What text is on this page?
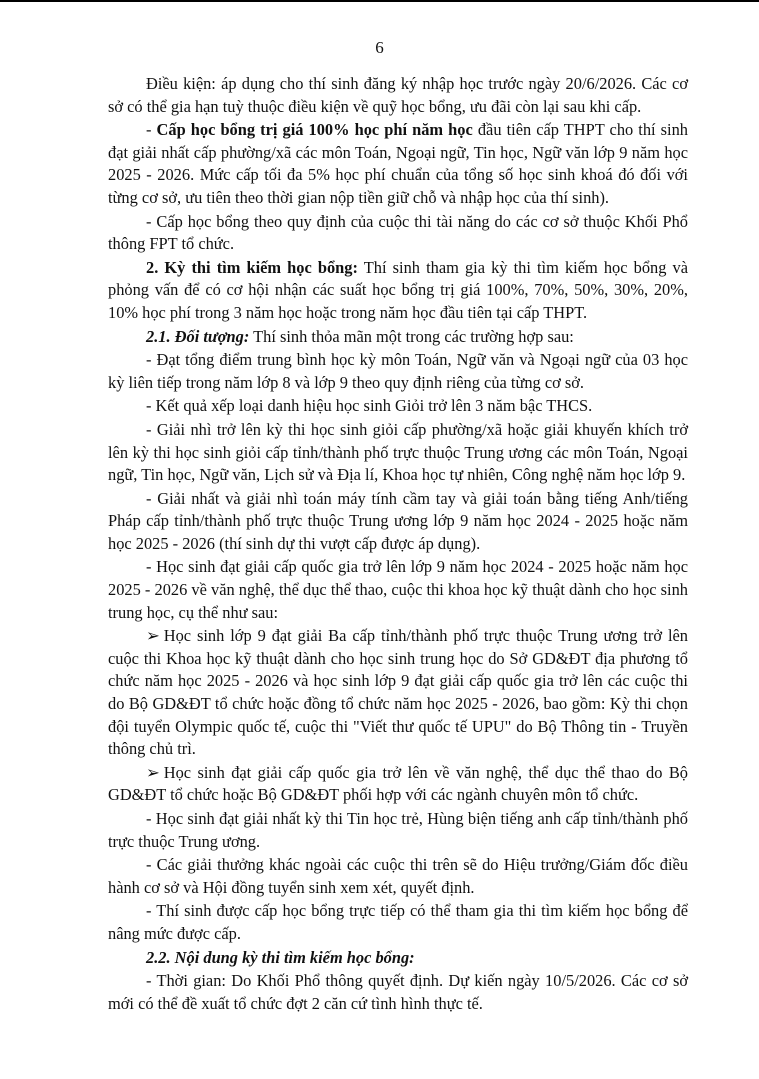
6

Điều kiện: áp dụng cho thí sinh đăng ký nhập học trước ngày 20/6/2026. Các cơ sở có thể gia hạn tuỳ thuộc điều kiện về quỹ học bổng, ưu đãi còn lại sau khi cấp.

- Cấp học bổng trị giá 100% học phí năm học đầu tiên cấp THPT cho thí sinh đạt giải nhất cấp phường/xã các môn Toán, Ngoại ngữ, Tin học, Ngữ văn lớp 9 năm học 2025 - 2026. Mức cấp tối đa 5% học phí chuẩn của tổng số học sinh khoá đó đối với từng cơ sở, ưu tiên theo thời gian nộp tiền giữ chỗ và nhập học của thí sinh).

- Cấp học bổng theo quy định của cuộc thi tài năng do các cơ sở thuộc Khối Phổ thông FPT tổ chức.

2. Kỳ thi tìm kiếm học bổng: Thí sinh tham gia kỳ thi tìm kiếm học bổng và phỏng vấn để có cơ hội nhận các suất học bổng trị giá 100%, 70%, 50%, 30%, 20%, 10% học phí trong 3 năm học hoặc trong năm học đầu tiên tại cấp THPT.

2.1. Đối tượng: Thí sinh thỏa mãn một trong các trường hợp sau:

- Đạt tổng điểm trung bình học kỳ môn Toán, Ngữ văn và Ngoại ngữ của 03 học kỳ liên tiếp trong năm lớp 8 và lớp 9 theo quy định riêng của từng cơ sở.

- Kết quả xếp loại danh hiệu học sinh Giỏi trở lên 3 năm bậc THCS.

- Giải nhì trở lên kỳ thi học sinh giỏi cấp phường/xã hoặc giải khuyến khích trở lên kỳ thi học sinh giỏi cấp tỉnh/thành phố trực thuộc Trung ương các môn Toán, Ngoại ngữ, Tin học, Ngữ văn, Lịch sử và Địa lí, Khoa học tự nhiên, Công nghệ năm học lớp 9.

- Giải nhất và giải nhì toán máy tính cầm tay và giải toán bằng tiếng Anh/tiếng Pháp cấp tỉnh/thành phố trực thuộc Trung ương lớp 9 năm học 2024 - 2025 hoặc năm học 2025 - 2026 (thí sinh dự thi vượt cấp được áp dụng).

- Học sinh đạt giải cấp quốc gia trở lên lớp 9 năm học 2024 - 2025 hoặc năm học 2025 - 2026 về văn nghệ, thể dục thể thao, cuộc thi khoa học kỹ thuật dành cho học sinh trung học, cụ thể như sau:

➢ Học sinh lớp 9 đạt giải Ba cấp tỉnh/thành phố trực thuộc Trung ương trở lên cuộc thi Khoa học kỹ thuật dành cho học sinh trung học do Sở GD&ĐT địa phương tổ chức năm học 2025 - 2026 và học sinh lớp 9 đạt giải cấp quốc gia trở lên các cuộc thi do Bộ GD&ĐT tổ chức hoặc đồng tổ chức năm học 2025 - 2026, bao gồm: Kỳ thi chọn đội tuyển Olympic quốc tế, cuộc thi "Viết thư quốc tế UPU" do Bộ Thông tin - Truyền thông chủ trì.

➢ Học sinh đạt giải cấp quốc gia trở lên về văn nghệ, thể dục thể thao do Bộ GD&ĐT tổ chức hoặc Bộ GD&ĐT phối hợp với các ngành chuyên môn tổ chức.

- Học sinh đạt giải nhất kỳ thi Tin học trẻ, Hùng biện tiếng anh cấp tỉnh/thành phố trực thuộc Trung ương.

- Các giải thưởng khác ngoài các cuộc thi trên sẽ do Hiệu trưởng/Giám đốc điều hành cơ sở và Hội đồng tuyển sinh xem xét, quyết định.

- Thí sinh được cấp học bổng trực tiếp có thể tham gia thi tìm kiếm học bổng để nâng mức được cấp.

2.2. Nội dung kỳ thi tìm kiếm học bổng:

- Thời gian: Do Khối Phổ thông quyết định. Dự kiến ngày 10/5/2026. Các cơ sở mới có thể đề xuất tổ chức đợt 2 căn cứ tình hình thực tế.
